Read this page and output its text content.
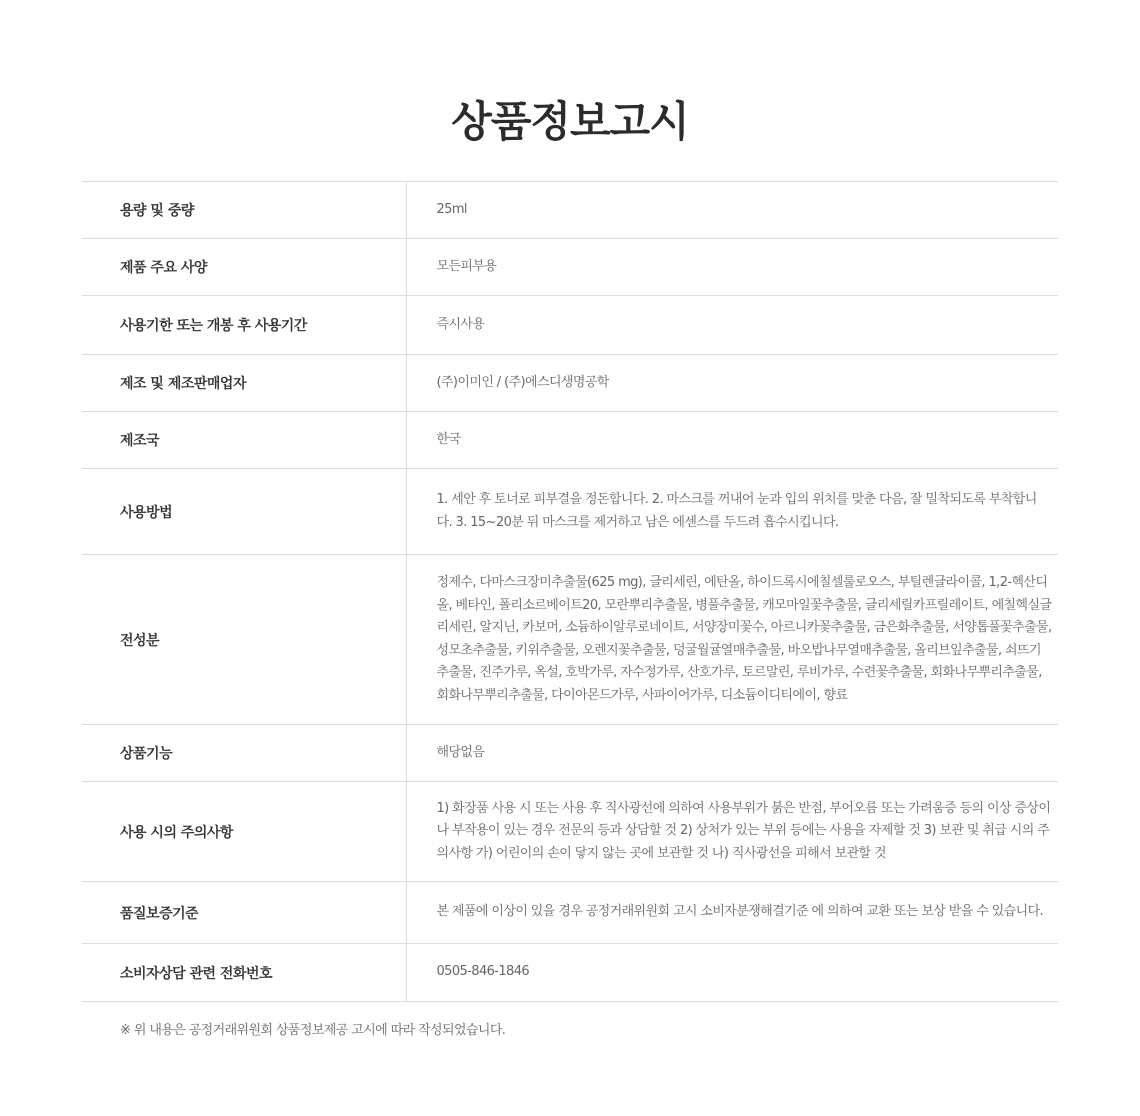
상품정보고시
용량 및 중량	25ml

제품 주요 사양	모든피부용

사용기한 또는 개봉 후 사용기간	즉시사용

제조 및 제조판매업자	(주)이미인 / (주)에스디생명공학

제조국	한국

사용방법	1. 세안 후 토너로 피부결을 정돈합니다. 2. 마스크를 꺼내어 눈과 입의 위치를 맞춘 다음, 잘 밀착되도록 부착합니다. 3. 15~20분 뒤 마스크를 제거하고 남은 에센스를 두드려 흡수시킵니다.

전성분	정제수, 다마스크장미추출물(625 mg), 글리세린, 에탄올, 하이드록시에칠셀룰로오스, 부틸렌글라이콜, 1,2-헥산디올, 베타인, 폴리소르베이트20, 모란뿌리추출물, 병풀추출물, 캐모마일꽃추출물, 글리세릴카프릴레이트, 에칠헥실글리세린, 알지닌, 카보머, 소듐하이알루로네이트, 서양장미꽃수, 아르니카꽃추출물, 금은화추출물, 서양톱풀꽃추출물, 성모초추출물, 키위추출물, 오렌지꽃추출물, 덩굴월귤열매추출물, 바오밥나무열매추출물, 올리브잎추출물, 쇠뜨기추출물, 진주가루, 옥설, 호박가루, 자수정가루, 산호가루, 토르말린, 루비가루, 수련꽃추출물, 회화나무뿌리추출물, 회화나무뿌리추출물, 다이아몬드가루, 사파이어가루, 디소듐이디티에이, 향료

상품기능	해당없음

사용 시의 주의사항	1) 화장품 사용 시 또는 사용 후 직사광선에 의하여 사용부위가 붉은 반점, 부어오름 또는 가려움증 등의 이상 증상이나 부작용이 있는 경우 전문의 등과 상담할 것 2) 상처가 있는 부위 등에는 사용을 자제할 것 3) 보관 및 취급 시의 주의사항 가) 어린이의 손이 닿지 않는 곳에 보관할 것 나) 직사광선을 피해서 보관할 것

품질보증기준	본 제품에 이상이 있을 경우 공정거래위원회 고시 소비자분쟁해결기준 에 의하여 교환 또는 보상 받을 수 있습니다.

소비자상담 관련 전화번호	0505-846-1846

※ 위 내용은 공정거래위원회 상품정보제공 고시에 따라 작성되었습니다.
